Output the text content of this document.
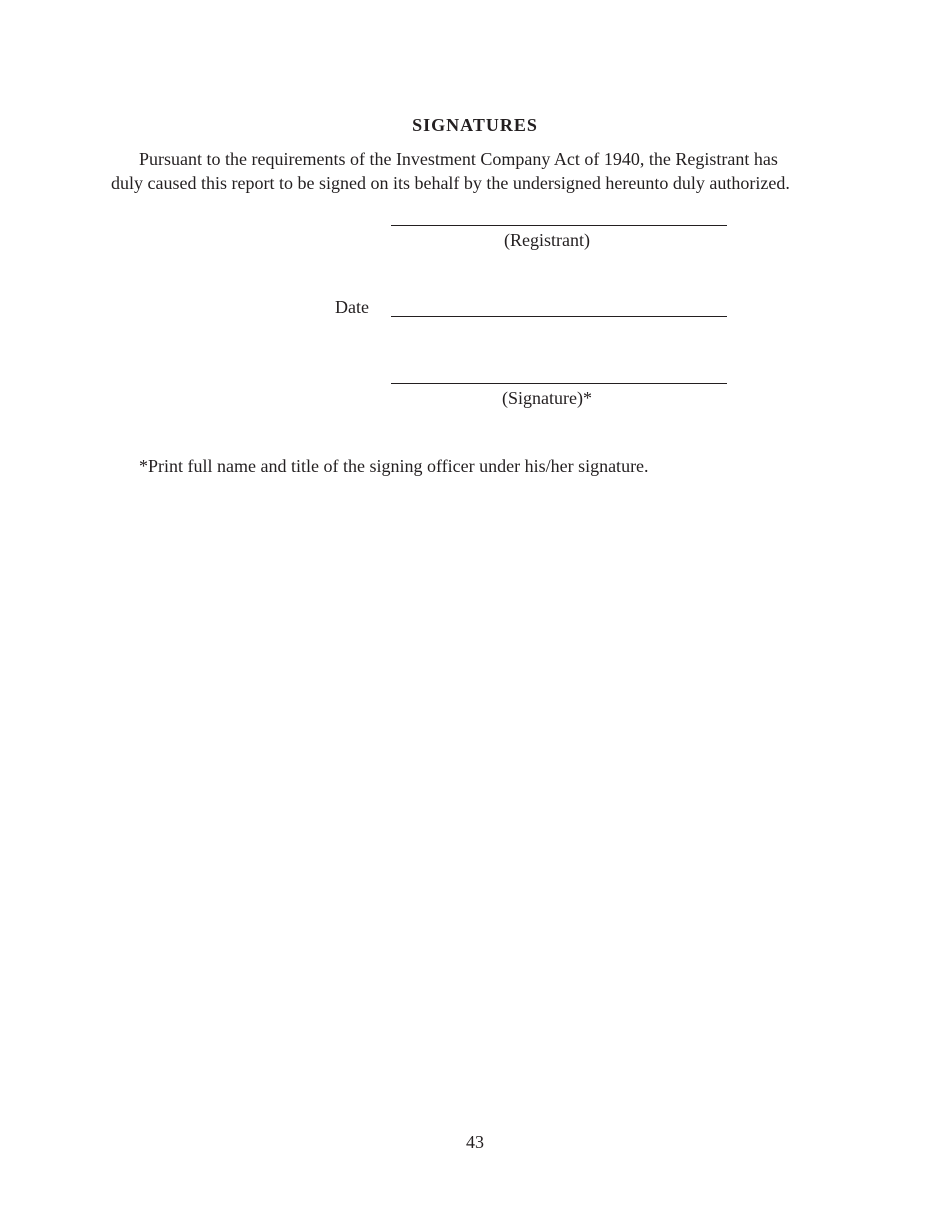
SIGNATURES
Pursuant to the requirements of the Investment Company Act of 1940, the Registrant has
duly caused this report to be signed on its behalf by the undersigned hereunto duly authorized.
(Registrant)
Date
(Signature)*
*Print full name and title of the signing officer under his/her signature.
43
